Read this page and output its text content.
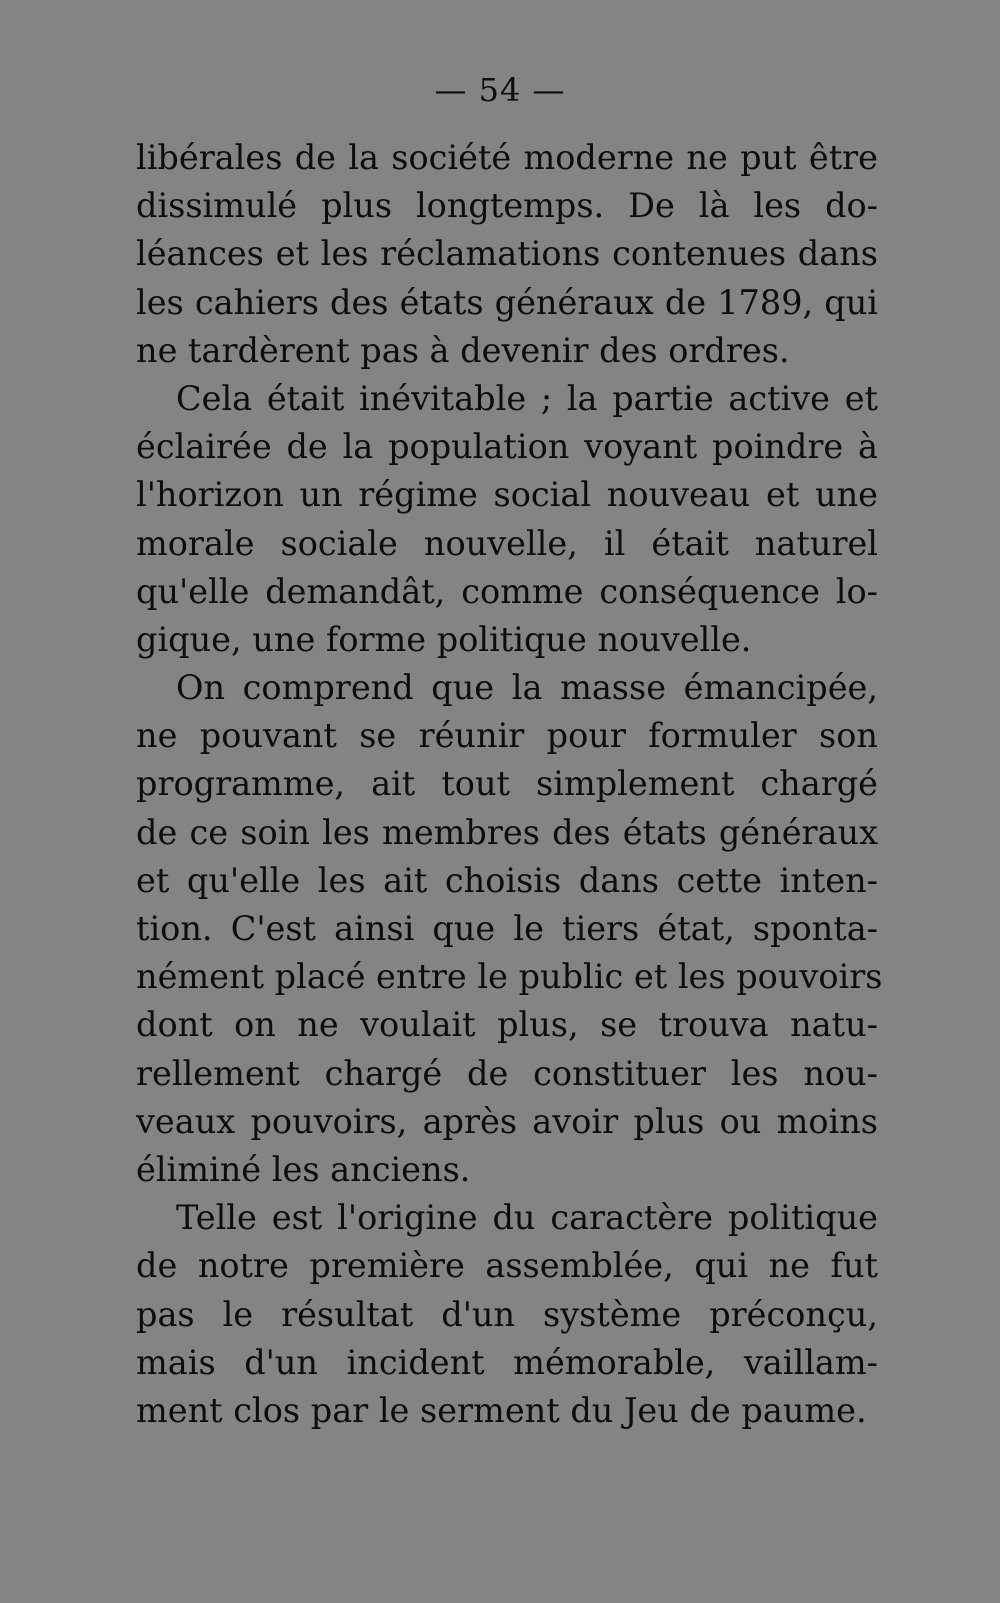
— 54 —
libérales de la société moderne ne put être
dissimulé plus longtemps. De là les do-
léances et les réclamations contenues dans
les cahiers des états généraux de 1789, qui
ne tardèrent pas à devenir des ordres.
Cela était inévitable ; la partie active et
éclairée de la population voyant poindre à
l'horizon un régime social nouveau et une
morale sociale nouvelle, il était naturel
qu'elle demandât, comme conséquence lo-
gique, une forme politique nouvelle.
On comprend que la masse émancipée,
ne pouvant se réunir pour formuler son
programme, ait tout simplement chargé
de ce soin les membres des états généraux
et qu'elle les ait choisis dans cette inten-
tion. C'est ainsi que le tiers état, sponta-
nément placé entre le public et les pouvoirs
dont on ne voulait plus, se trouva natu-
rellement chargé de constituer les nou-
veaux pouvoirs, après avoir plus ou moins
éliminé les anciens.
Telle est l'origine du caractère politique
de notre première assemblée, qui ne fut
pas le résultat d'un système préconçu,
mais d'un incident mémorable, vaillam-
ment clos par le serment du Jeu de paume.
